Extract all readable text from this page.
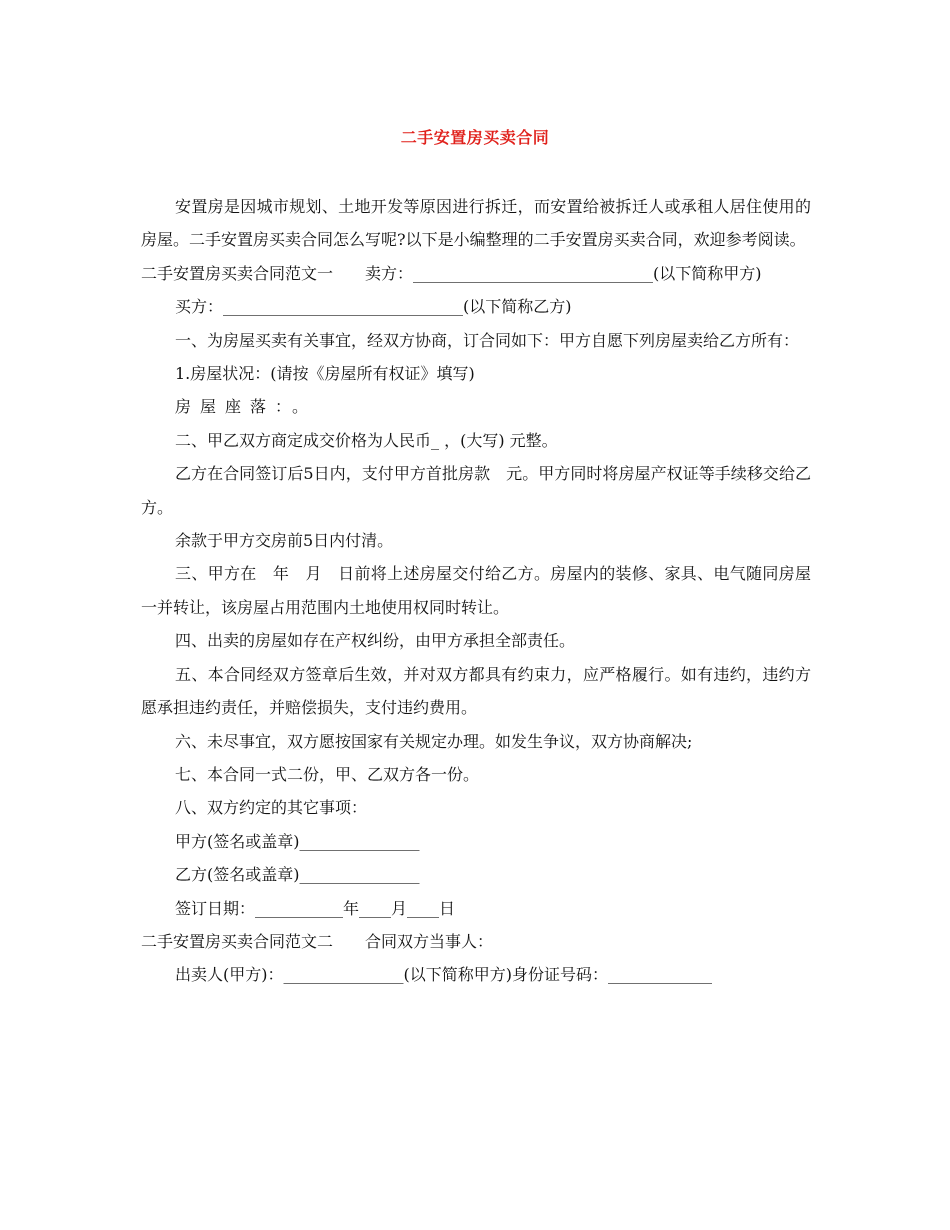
二手安置房买卖合同

安置房是因城市规划、土地开发等原因进行拆迁，而安置给被拆迁人或承租人居住使用的房屋。二手安置房买卖合同怎么写呢?以下是小编整理的二手安置房买卖合同，欢迎参考阅读。

二手安置房买卖合同范文一　　卖方：______________________________(以下简称甲方)

买方：______________________________(以下简称乙方)

一、为房屋买卖有关事宜，经双方协商，订合同如下：甲方自愿下列房屋卖给乙方所有：

1.房屋状况：(请按《房屋所有权证》填写)

房屋座落：。

二、甲乙双方商定成交价格为人民币_ ，(大写) 元整。

乙方在合同签订后5日内，支付甲方首批房款　元。甲方同时将房屋产权证等手续移交给乙方。

余款于甲方交房前5日内付清。

三、甲方在　年　月　日前将上述房屋交付给乙方。房屋内的装修、家具、电气随同房屋一并转让，该房屋占用范围内土地使用权同时转让。

四、出卖的房屋如存在产权纠纷，由甲方承担全部责任。

五、本合同经双方签章后生效，并对双方都具有约束力，应严格履行。如有违约，违约方愿承担违约责任，并赔偿损失，支付违约费用。

六、未尽事宜，双方愿按国家有关规定办理。如发生争议，双方协商解决;

七、本合同一式二份，甲、乙双方各一份。

八、双方约定的其它事项：

甲方(签名或盖章)_______________

乙方(签名或盖章)_______________

签订日期：___________年____月____日

二手安置房买卖合同范文二　　合同双方当事人：

出卖人(甲方)：_______________(以下简称甲方)身份证号码：_____________
